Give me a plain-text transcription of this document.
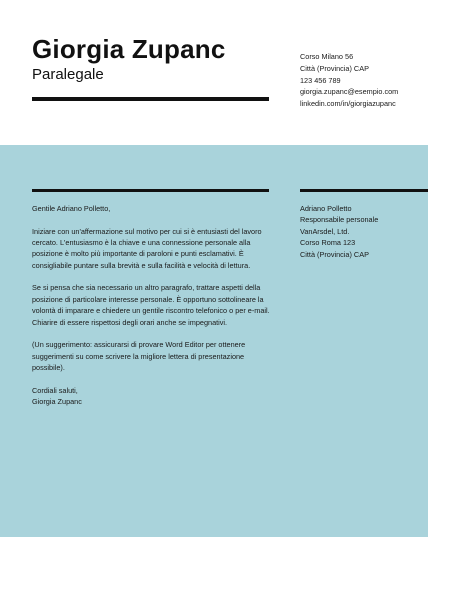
Giorgia Zupanc
Paralegale
Corso Milano 56
Città (Provincia) CAP
123 456 789
giorgia.zupanc@esempio.com
linkedin.com/in/giorgiazupanc

Gentile Adriano Polletto,

Iniziare con un'affermazione sul motivo per cui si è entusiasti del lavoro cercato. L'entusiasmo è la chiave e una connessione personale alla posizione è molto più importante di paroloni e punti esclamativi. È consigliabile puntare sulla brevità e sulla facilità e velocità di lettura.

Se si pensa che sia necessario un altro paragrafo, trattare aspetti della posizione di particolare interesse personale. È opportuno sottolineare la volontà di imparare e chiedere un gentile riscontro telefonico o per e-mail. Chiarire di essere rispettosi degli orari anche se impegnativi.

(Un suggerimento: assicurarsi di provare Word Editor per ottenere suggerimenti su come scrivere la migliore lettera di presentazione possibile).

Cordiali saluti,

Giorgia Zupanc
Adriano Polletto
Responsabile personale
VanArsdel, Ltd.
Corso Roma 123
Città (Provincia) CAP
